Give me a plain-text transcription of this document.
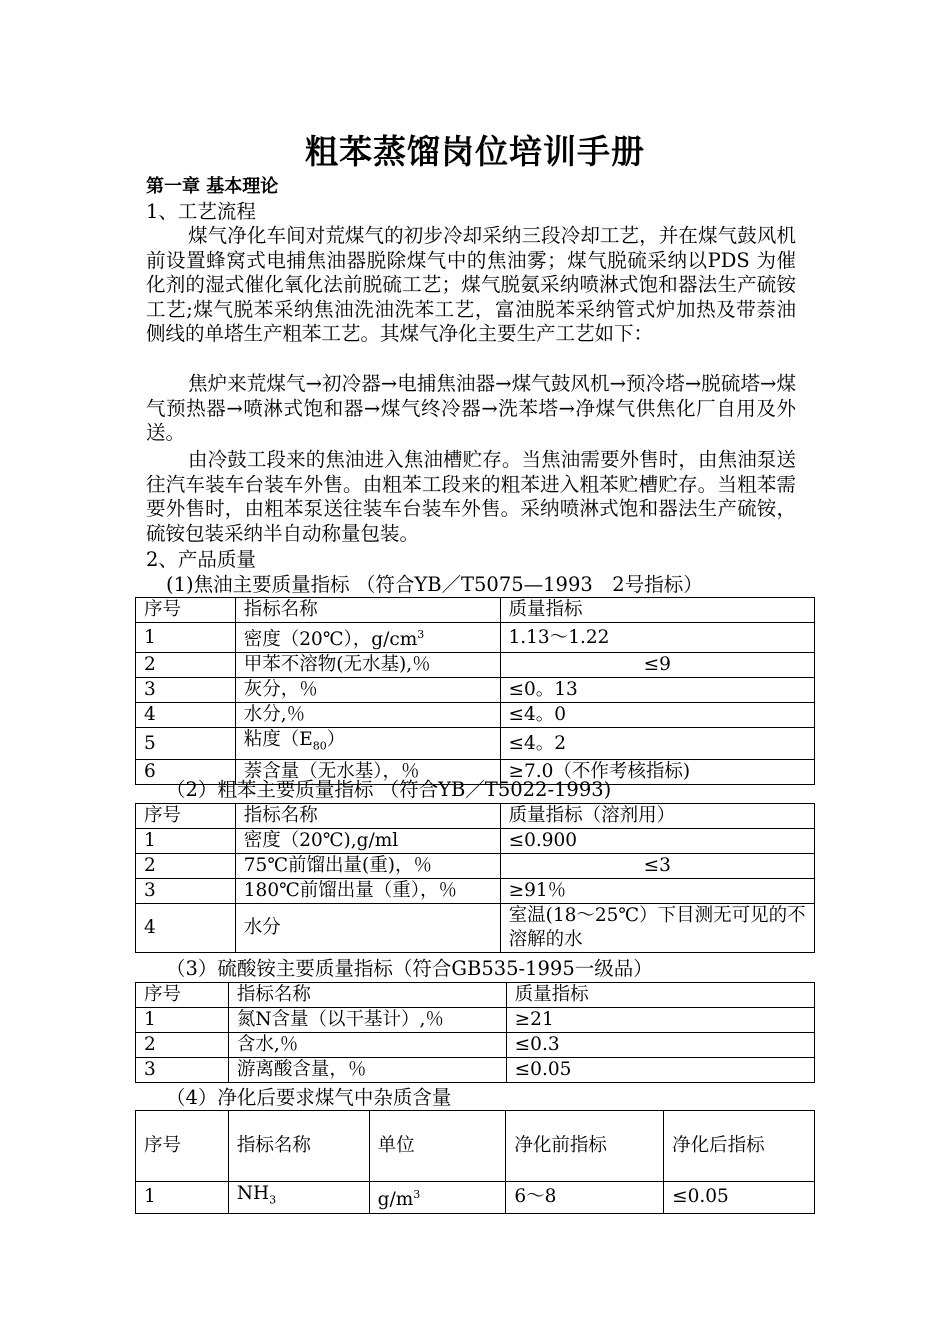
粗苯蒸馏岗位培训手册
第一章 基本理论
1、工艺流程
煤气净化车间对荒煤气的初步冷却采纳三段冷却工艺，并在煤气鼓风机前设置蜂窝式电捕焦油器脱除煤气中的焦油雾；煤气脱硫采纳以PDS 为催化剂的湿式催化氧化法前脱硫工艺；煤气脱氨采纳喷淋式饱和器法生产硫铵工艺;煤气脱苯采纳焦油洗油洗苯工艺，富油脱苯采纳管式炉加热及带萘油侧线的单塔生产粗苯工艺。其煤气净化主要生产工艺如下：
焦炉来荒煤气→初冷器→电捕焦油器→煤气鼓风机→预冷塔→脱硫塔→煤气预热器→喷淋式饱和器→煤气终冷器→洗苯塔→净煤气供焦化厂自用及外送。
由冷鼓工段来的焦油进入焦油槽贮存。当焦油需要外售时，由焦油泵送往汽车装车台装车外售。由粗苯工段来的粗苯进入粗苯贮槽贮存。当粗苯需要外售时，由粗苯泵送往装车台装车外售。采纳喷淋式饱和器法生产硫铵，硫铵包装采纳半自动称量包装。
2、产品质量
(1)焦油主要质量指标 （符合YB／T5075—1993　2号指标）
序号	指标名称	质量指标
1	密度（20℃），$g/cm^3$	1.13～1.22
2	甲苯不溶物(无水基),％	≤9
3	灰分，％	≤0。13
4	水分,％	≤4。0
5	粘度$(E_{80})$	≤4。2
6	萘含量（无水基），％	≥7.0（不作考核指标)
（2）粗苯主要质量指标 （符合YB／T5022-1993)
序号	指标名称	质量指标（溶剂用）
1	密度（20℃),g/ml	≤0.900
2	75℃前馏出量(重)，％	≤3
3	180℃前馏出量（重），％	≥91％
4	水分	室温(18～25℃）下目测无可见的不溶解的水
（3）硫酸铵主要质量指标（符合GB535-1995一级品）
序号	指标名称	质量指标
1	氮N含量（以干基计）,％	≥21
2	含水,％	≤0.3
3	游离酸含量，％	≤0.05
（4）净化后要求煤气中杂质含量
序号	指标名称	单位	净化前指标	净化后指标
1	$NH_3$	$g/m^3$	6～8	≤0.05
